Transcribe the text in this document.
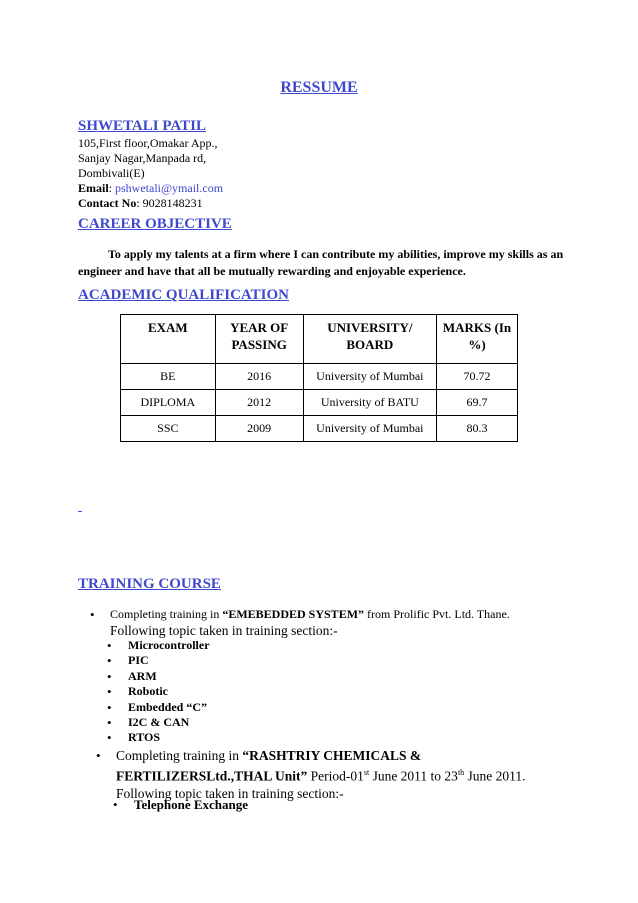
RESSUME
SHWETALI PATIL
105,First floor,Omakar App.,
Sanjay Nagar,Manpada rd,
Dombivali(E)
Email: pshwetali@ymail.com
Contact No: 9028148231
CAREER OBJECTIVE
To apply my talents at a firm where I can contribute my abilities, improve my skills as an engineer and have that all be mutually rewarding and enjoyable experience.
ACADEMIC QUALIFICATION
EXAM	YEAR OF PASSING	UNIVERSITY/ BOARD	MARKS (In %)
BE	2016	University of Mumbai	70.72
DIPLOMA	2012	University of BATU	69.7
SSC	2009	University of Mumbai	80.3
TRAINING COURSE
• Completing training in “EMEBEDDED SYSTEM” from Prolific Pvt. Ltd. Thane.
Following topic taken in training section:-
• Microcontroller
• PIC
• ARM
• Robotic
• Embedded “C”
• I2C & CAN
• RTOS
• Completing training in “RASHTRIY CHEMICALS & FERTILIZERSLtd.,THAL Unit” Period-01st June 2011 to 23th June 2011. Following topic taken in training section:-
• Telephone Exchange
